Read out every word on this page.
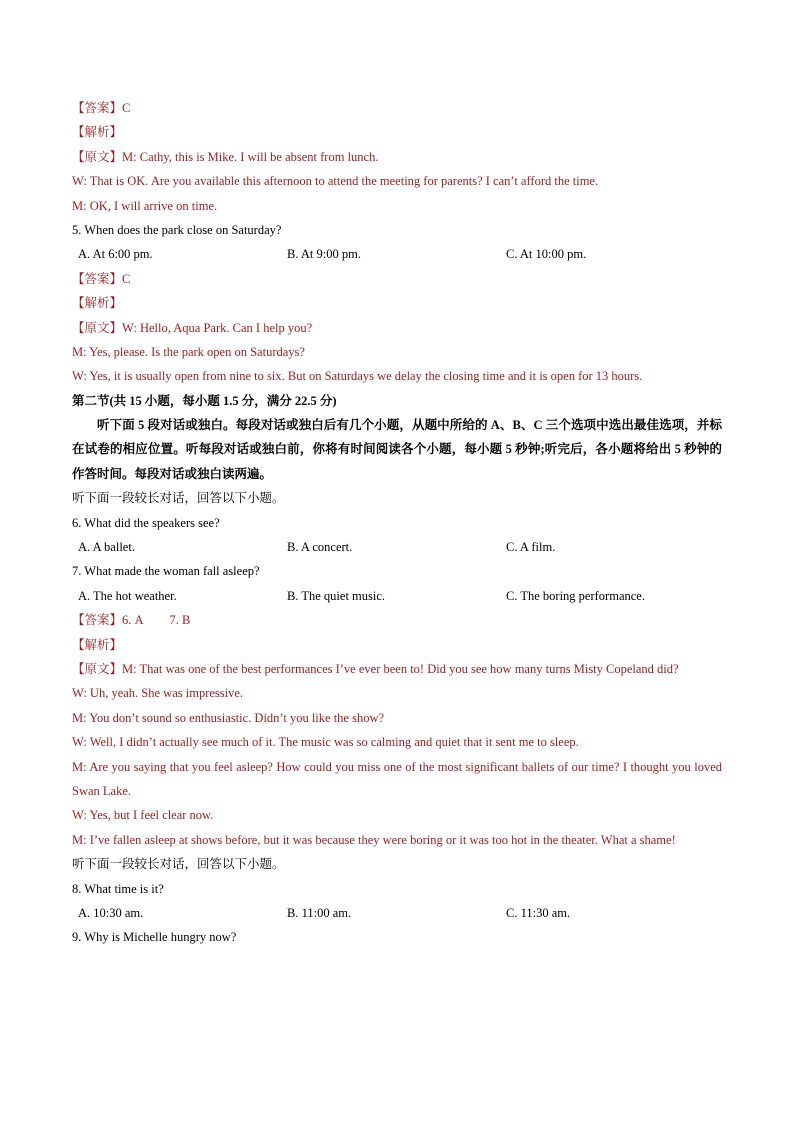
【答案】C
【解析】
【原文】M: Cathy, this is Mike. I will be absent from lunch.
W: That is OK. Are you available this afternoon to attend the meeting for parents? I can’t afford the time.
M: OK, I will arrive on time.
5. When does the park close on Saturday?
A. At 6:00 pm.	B. At 9:00 pm.	C. At 10:00 pm.
【答案】C
【解析】
【原文】W: Hello, Aqua Park. Can I help you?
M: Yes, please. Is the park open on Saturdays?
W: Yes, it is usually open from nine to six. But on Saturdays we delay the closing time and it is open for 13 hours.
第二节(共 15 小题，每小题 1.5 分，满分 22.5 分)
听下面 5 段对话或独白。每段对话或独白后有几个小题，从题中所给的 A、B、C 三个选项中选出最佳选项，并标在试卷的相应位置。听每段对话或独白前，你将有时间阅读各个小题，每小题 5 秒钟;听完后，各小题将给出 5 秒钟的作答时间。每段对话或独白读两遍。
听下面一段较长对话，回答以下小题。
6. What did the speakers see?
A. A ballet.	B. A concert.	C. A film.
7. What made the woman fall asleep?
A. The hot weather.	B. The quiet music.	C. The boring performance.
【答案】6. A 7. B
【解析】
【原文】M: That was one of the best performances I’ve ever been to! Did you see how many turns Misty Copeland did?
W: Uh, yeah. She was impressive.
M: You don’t sound so enthusiastic. Didn’t you like the show?
W: Well, I didn’t actually see much of it. The music was so calming and quiet that it sent me to sleep.
M: Are you saying that you feel asleep? How could you miss one of the most significant ballets of our time? I thought you loved Swan Lake.
W: Yes, but I feel clear now.
M: I’ve fallen asleep at shows before, but it was because they were boring or it was too hot in the theater. What a shame!
听下面一段较长对话，回答以下小题。
8. What time is it?
A. 10:30 am.	B. 11:00 am.	C. 11:30 am.
9. Why is Michelle hungry now?
